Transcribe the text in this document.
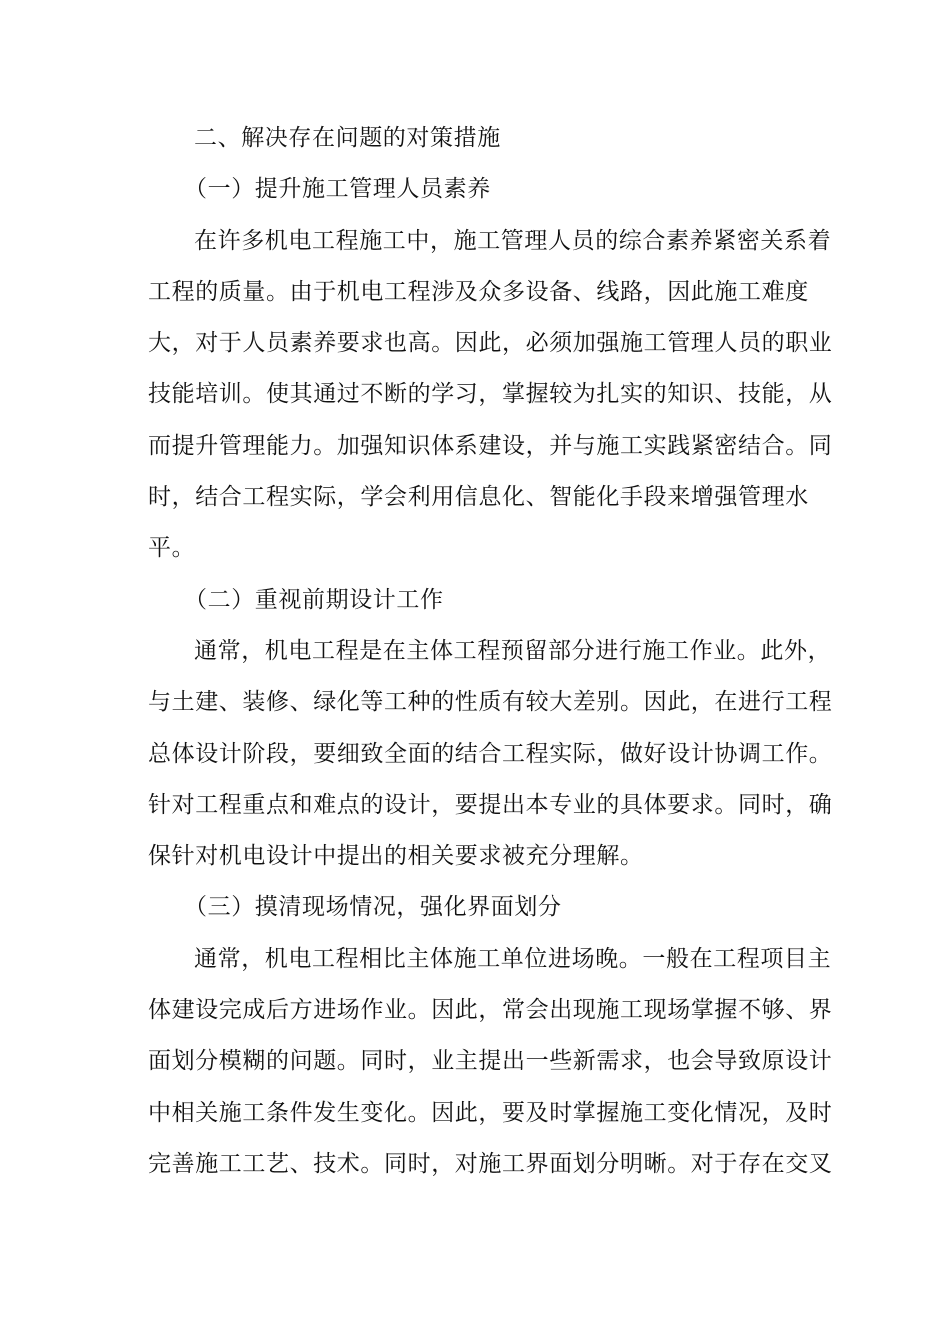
二、解决存在问题的对策措施
（一）提升施工管理人员素养
在许多机电工程施工中，施工管理人员的综合素养紧密关系着
工程的质量。由于机电工程涉及众多设备、线路，因此施工难度
大，对于人员素养要求也高。因此，必须加强施工管理人员的职业
技能培训。使其通过不断的学习，掌握较为扎实的知识、技能，从
而提升管理能力。加强知识体系建设，并与施工实践紧密结合。同
时，结合工程实际，学会利用信息化、智能化手段来增强管理水
平。
（二）重视前期设计工作
通常，机电工程是在主体工程预留部分进行施工作业。此外，
与土建、装修、绿化等工种的性质有较大差别。因此，在进行工程
总体设计阶段，要细致全面的结合工程实际，做好设计协调工作。
针对工程重点和难点的设计，要提出本专业的具体要求。同时，确
保针对机电设计中提出的相关要求被充分理解。
（三）摸清现场情况，强化界面划分
通常，机电工程相比主体施工单位进场晚。一般在工程项目主
体建设完成后方进场作业。因此，常会出现施工现场掌握不够、界
面划分模糊的问题。同时，业主提出一些新需求，也会导致原设计
中相关施工条件发生变化。因此，要及时掌握施工变化情况，及时
完善施工工艺、技术。同时，对施工界面划分明晰。对于存在交叉
